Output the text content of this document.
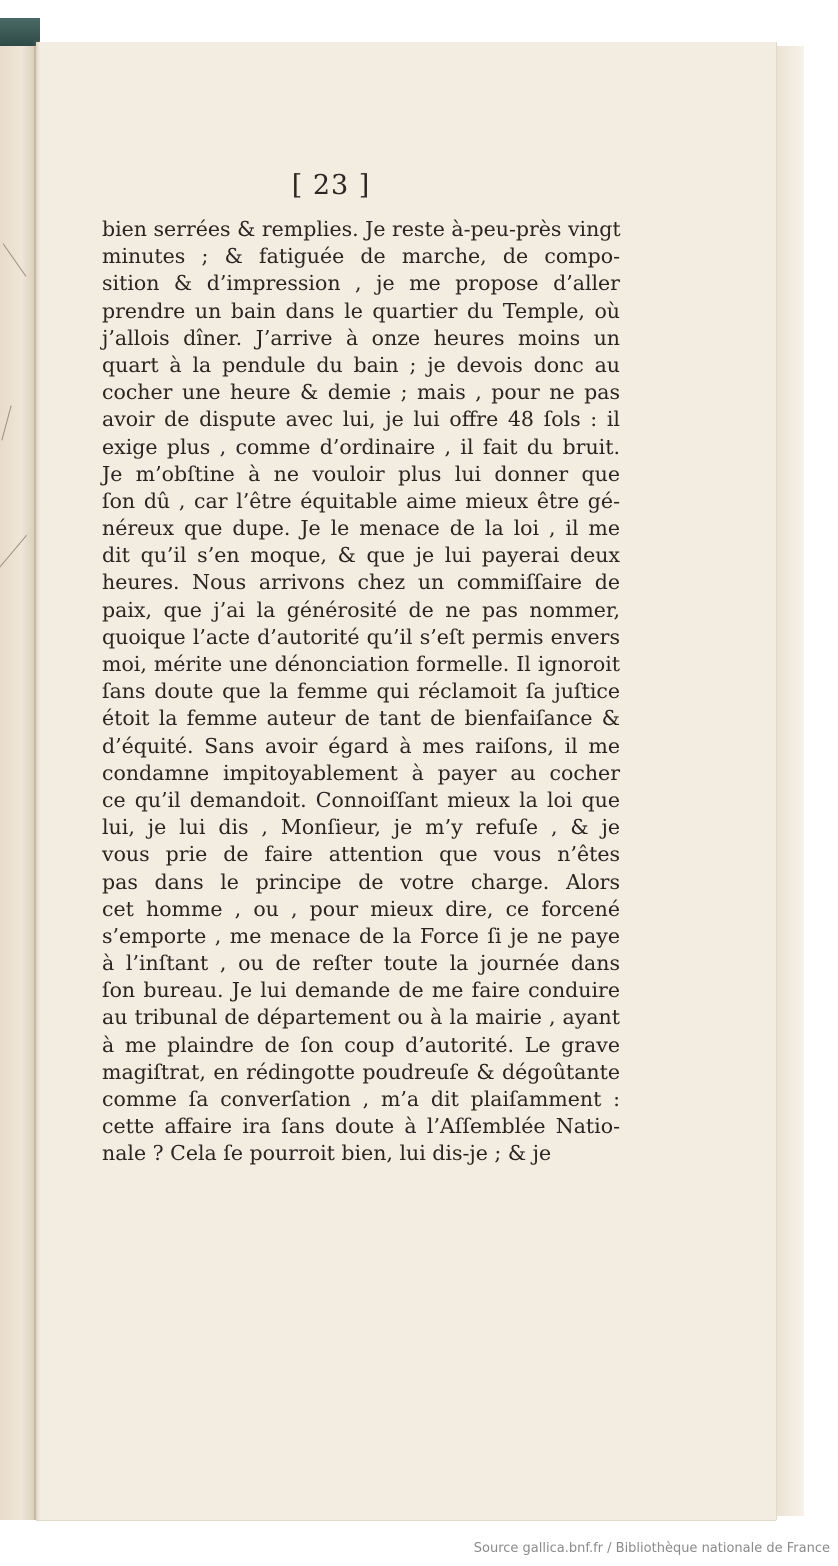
[ 23 ]
bien serrées & remplies. Je reste à-peu-près vingt
minutes ; & fatiguée de marche, de compo-
sition & d’impression , je me propose d’aller
prendre un bain dans le quartier du Temple, où
j’allois dîner. J’arrive à onze heures moins un
quart à la pendule du bain ; je devois donc au
cocher une heure & demie ; mais , pour ne pas
avoir de dispute avec lui, je lui offre 48 ſols : il
exige plus , comme d’ordinaire , il fait du bruit.
Je m’obſtine à ne vouloir plus lui donner que
ſon dû , car l’être équitable aime mieux être gé-
néreux que dupe. Je le menace de la loi , il me
dit qu’il s’en moque, & que je lui payerai deux
heures. Nous arrivons chez un commiſſaire de
paix, que j’ai la générosité de ne pas nommer,
quoique l’acte d’autorité qu’il s’eſt permis envers
moi, mérite une dénonciation formelle. Il ignoroit
ſans doute que la femme qui réclamoit ſa juſtice
étoit la femme auteur de tant de bienfaiſance &
d’équité. Sans avoir égard à mes raiſons, il me
condamne impitoyablement à payer au cocher
ce qu’il demandoit. Connoiſſant mieux la loi que
lui, je lui dis , Monſieur, je m’y refuſe , & je
vous prie de faire attention que vous n’êtes
pas dans le principe de votre charge. Alors
cet homme , ou , pour mieux dire, ce forcené
s’emporte , me menace de la Force ſi je ne paye
à l’inſtant , ou de reſter toute la journée dans
ſon bureau. Je lui demande de me faire conduire
au tribunal de département ou à la mairie , ayant
à me plaindre de ſon coup d’autorité. Le grave
magiſtrat, en rédingotte poudreuſe & dégoûtante
comme ſa converſation , m’a dit plaiſamment :
cette affaire ira ſans doute à l’Aſſemblée Natio-
nale ? Cela ſe pourroit bien, lui dis-je ; & je
Source gallica.bnf.fr / Bibliothèque nationale de France
